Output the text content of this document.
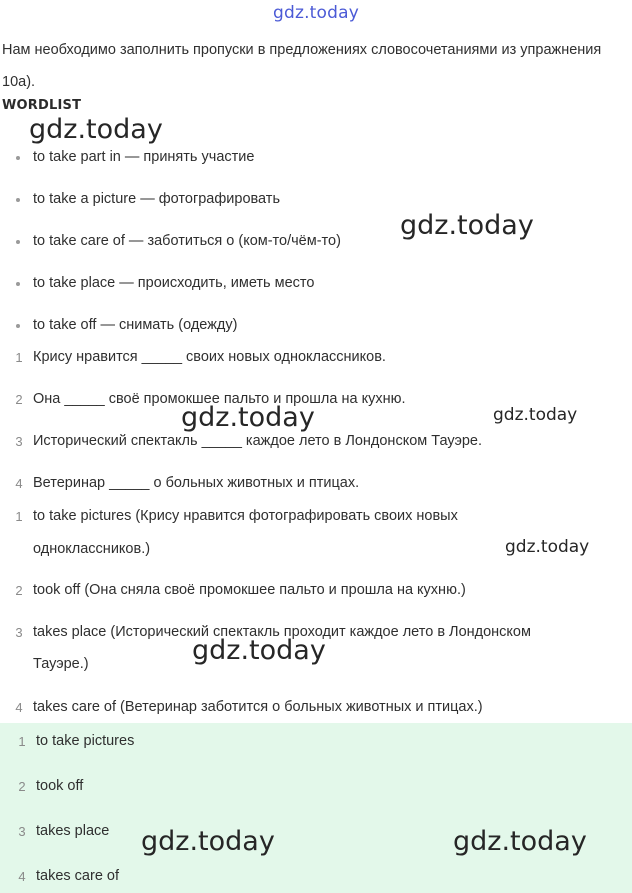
gdz.today
Нам необходимо заполнить пропуски в предложениях словосочетаниями из упражнения 10а).
WORDLIST
to take part in — принять участие
to take a picture — фотографировать
to take care of — заботиться о (ком-то/чём-то)
to take place — происходить, иметь место
to take off — снимать (одежду)
1 Крису нравится _____ своих новых одноклассников.
2 Она _____ своё промокшее пальто и прошла на кухню.
3 Исторический спектакль _____ каждое лето в Лондонском Тауэре.
4 Ветеринар _____ о больных животных и птицах.
1 to take pictures (Крису нравится фотографировать своих новых
одноклассников.)
2 took off (Она сняла своё промокшее пальто и прошла на кухню.)
3 takes place (Исторический спектакль проходит каждое лето в Лондонском
Тауэре.)
4 takes care of (Ветеринар заботится о больных животных и птицах.)
1 to take pictures
2 took off
3 takes place
4 takes care of
gdz.today
gdz.today
gdz.today	gdz.today
gdz.today
gdz.today
gdz.today	gdz.today
